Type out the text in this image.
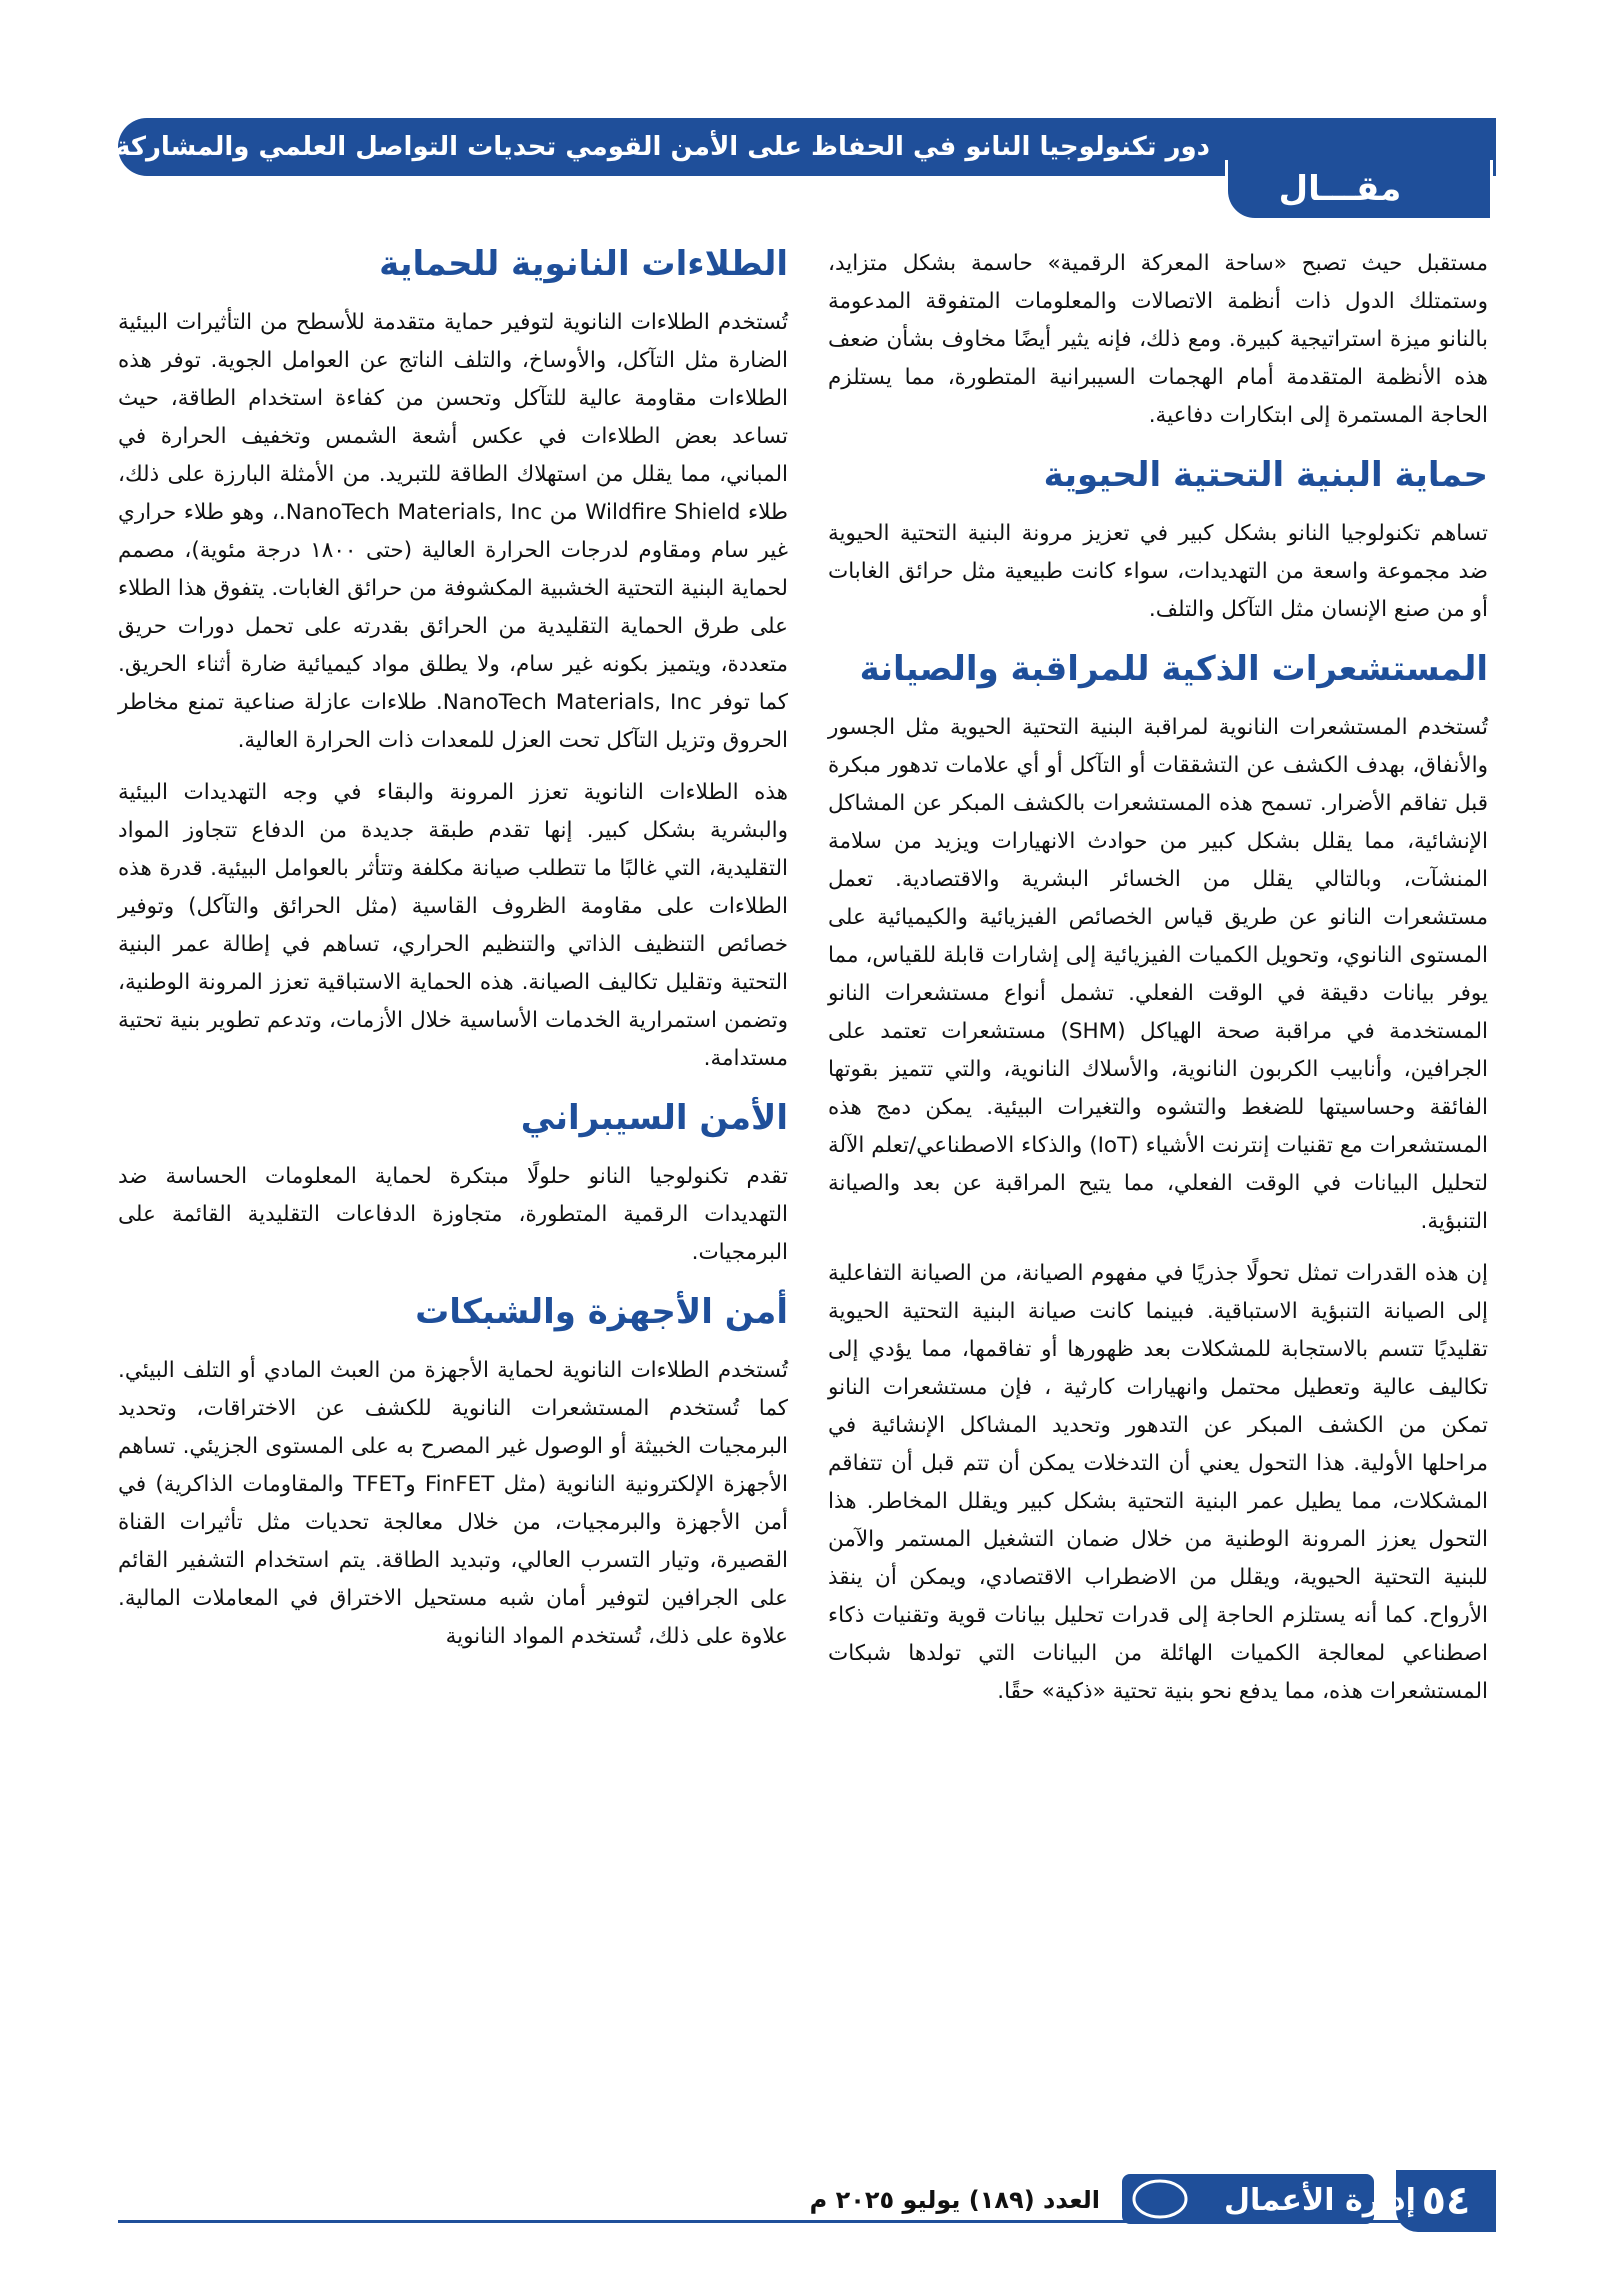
دور تكنولوجيا النانو في الحفاظ على الأمن القومي تحديات التواصل العلمي والمشاركة العامة
مقـــال

مستقبل حيث تصبح «ساحة المعركة الرقمية» حاسمة بشكل متزايد، وستمتلك الدول ذات أنظمة الاتصالات والمعلومات المتفوقة المدعومة بالنانو ميزة استراتيجية كبيرة. ومع ذلك، فإنه يثير أيضًا مخاوف بشأن ضعف هذه الأنظمة المتقدمة أمام الهجمات السيبرانية المتطورة، مما يستلزم الحاجة المستمرة إلى ابتكارات دفاعية.

حماية البنية التحتية الحيوية

تساهم تكنولوجيا النانو بشكل كبير في تعزيز مرونة البنية التحتية الحيوية ضد مجموعة واسعة من التهديدات، سواء كانت طبيعية مثل حرائق الغابات أو من صنع الإنسان مثل التآكل والتلف.

المستشعرات الذكية للمراقبة والصيانة

تُستخدم المستشعرات النانوية لمراقبة البنية التحتية الحيوية مثل الجسور والأنفاق، بهدف الكشف عن التشققات أو التآكل أو أي علامات تدهور مبكرة قبل تفاقم الأضرار. تسمح هذه المستشعرات بالكشف المبكر عن المشاكل الإنشائية، مما يقلل بشكل كبير من حوادث الانهيارات ويزيد من سلامة المنشآت، وبالتالي يقلل من الخسائر البشرية والاقتصادية. تعمل مستشعرات النانو عن طريق قياس الخصائص الفيزيائية والكيميائية على المستوى النانوي، وتحويل الكميات الفيزيائية إلى إشارات قابلة للقياس، مما يوفر بيانات دقيقة في الوقت الفعلي. تشمل أنواع مستشعرات النانو المستخدمة في مراقبة صحة الهياكل (SHM) مستشعرات تعتمد على الجرافين، وأنابيب الكربون النانوية، والأسلاك النانوية، والتي تتميز بقوتها الفائقة وحساسيتها للضغط والتشوه والتغيرات البيئية. يمكن دمج هذه المستشعرات مع تقنيات إنترنت الأشياء (IoT) والذكاء الاصطناعي/تعلم الآلة لتحليل البيانات في الوقت الفعلي، مما يتيح المراقبة عن بعد والصيانة التنبؤية.

إن هذه القدرات تمثل تحولًا جذريًا في مفهوم الصيانة، من الصيانة التفاعلية إلى الصيانة التنبؤية الاستباقية. فبينما كانت صيانة البنية التحتية الحيوية تقليديًا تتسم بالاستجابة للمشكلات بعد ظهورها أو تفاقمها، مما يؤدي إلى تكاليف عالية وتعطيل محتمل وانهيارات كارثية ، فإن مستشعرات النانو تمكن من الكشف المبكر عن التدهور وتحديد المشاكل الإنشائية في مراحلها الأولية. هذا التحول يعني أن التدخلات يمكن أن تتم قبل أن تتفاقم المشكلات، مما يطيل عمر البنية التحتية بشكل كبير ويقلل المخاطر. هذا التحول يعزز المرونة الوطنية من خلال ضمان التشغيل المستمر والآمن للبنية التحتية الحيوية، ويقلل من الاضطراب الاقتصادي، ويمكن أن ينقذ الأرواح. كما أنه يستلزم الحاجة إلى قدرات تحليل بيانات قوية وتقنيات ذكاء اصطناعي لمعالجة الكميات الهائلة من البيانات التي تولدها شبكات المستشعرات هذه، مما يدفع نحو بنية تحتية «ذكية» حقًا.

الطلاءات النانوية للحماية

تُستخدم الطلاءات النانوية لتوفير حماية متقدمة للأسطح من التأثيرات البيئية الضارة مثل التآكل، والأوساخ، والتلف الناتج عن العوامل الجوية. توفر هذه الطلاءات مقاومة عالية للتآكل وتحسن من كفاءة استخدام الطاقة، حيث تساعد بعض الطلاءات في عكس أشعة الشمس وتخفيف الحرارة في المباني، مما يقلل من استهلاك الطاقة للتبريد. من الأمثلة البارزة على ذلك، طلاء Wildfire Shield من NanoTech Materials, Inc.، وهو طلاء حراري غير سام ومقاوم لدرجات الحرارة العالية (حتى ١٨٠٠ درجة مئوية)، مصمم لحماية البنية التحتية الخشبية المكشوفة من حرائق الغابات. يتفوق هذا الطلاء على طرق الحماية التقليدية من الحرائق بقدرته على تحمل دورات حريق متعددة، ويتميز بكونه غير سام، ولا يطلق مواد كيميائية ضارة أثناء الحريق. كما توفر NanoTech Materials, Inc. طلاءات عازلة صناعية تمنع مخاطر الحروق وتزيل التآكل تحت العزل للمعدات ذات الحرارة العالية.

هذه الطلاءات النانوية تعزز المرونة والبقاء في وجه التهديدات البيئية والبشرية بشكل كبير. إنها تقدم طبقة جديدة من الدفاع تتجاوز المواد التقليدية، التي غالبًا ما تتطلب صيانة مكلفة وتتأثر بالعوامل البيئية. قدرة هذه الطلاءات على مقاومة الظروف القاسية (مثل الحرائق والتآكل) وتوفير خصائص التنظيف الذاتي والتنظيم الحراري، تساهم في إطالة عمر البنية التحتية وتقليل تكاليف الصيانة. هذه الحماية الاستباقية تعزز المرونة الوطنية، وتضمن استمرارية الخدمات الأساسية خلال الأزمات، وتدعم تطوير بنية تحتية مستدامة.

الأمن السيبراني

تقدم تكنولوجيا النانو حلولًا مبتكرة لحماية المعلومات الحساسة ضد التهديدات الرقمية المتطورة، متجاوزة الدفاعات التقليدية القائمة على البرمجيات.

أمن الأجهزة والشبكات

تُستخدم الطلاءات النانوية لحماية الأجهزة من العبث المادي أو التلف البيئي. كما تُستخدم المستشعرات النانوية للكشف عن الاختراقات، وتحديد البرمجيات الخبيثة أو الوصول غير المصرح به على المستوى الجزيئي. تساهم الأجهزة الإلكترونية النانوية (مثل FinFET وTFET والمقاومات الذاكرية) في أمن الأجهزة والبرمجيات، من خلال معالجة تحديات مثل تأثيرات القناة القصيرة، وتيار التسرب العالي، وتبديد الطاقة. يتم استخدام التشفير القائم على الجرافين لتوفير أمان شبه مستحيل الاختراق في المعاملات المالية. علاوة على ذلك، تُستخدم المواد النانوية

٥٤
إدارة الأعمال
العدد (١٨٩) يوليو ٢٠٢٥ م
